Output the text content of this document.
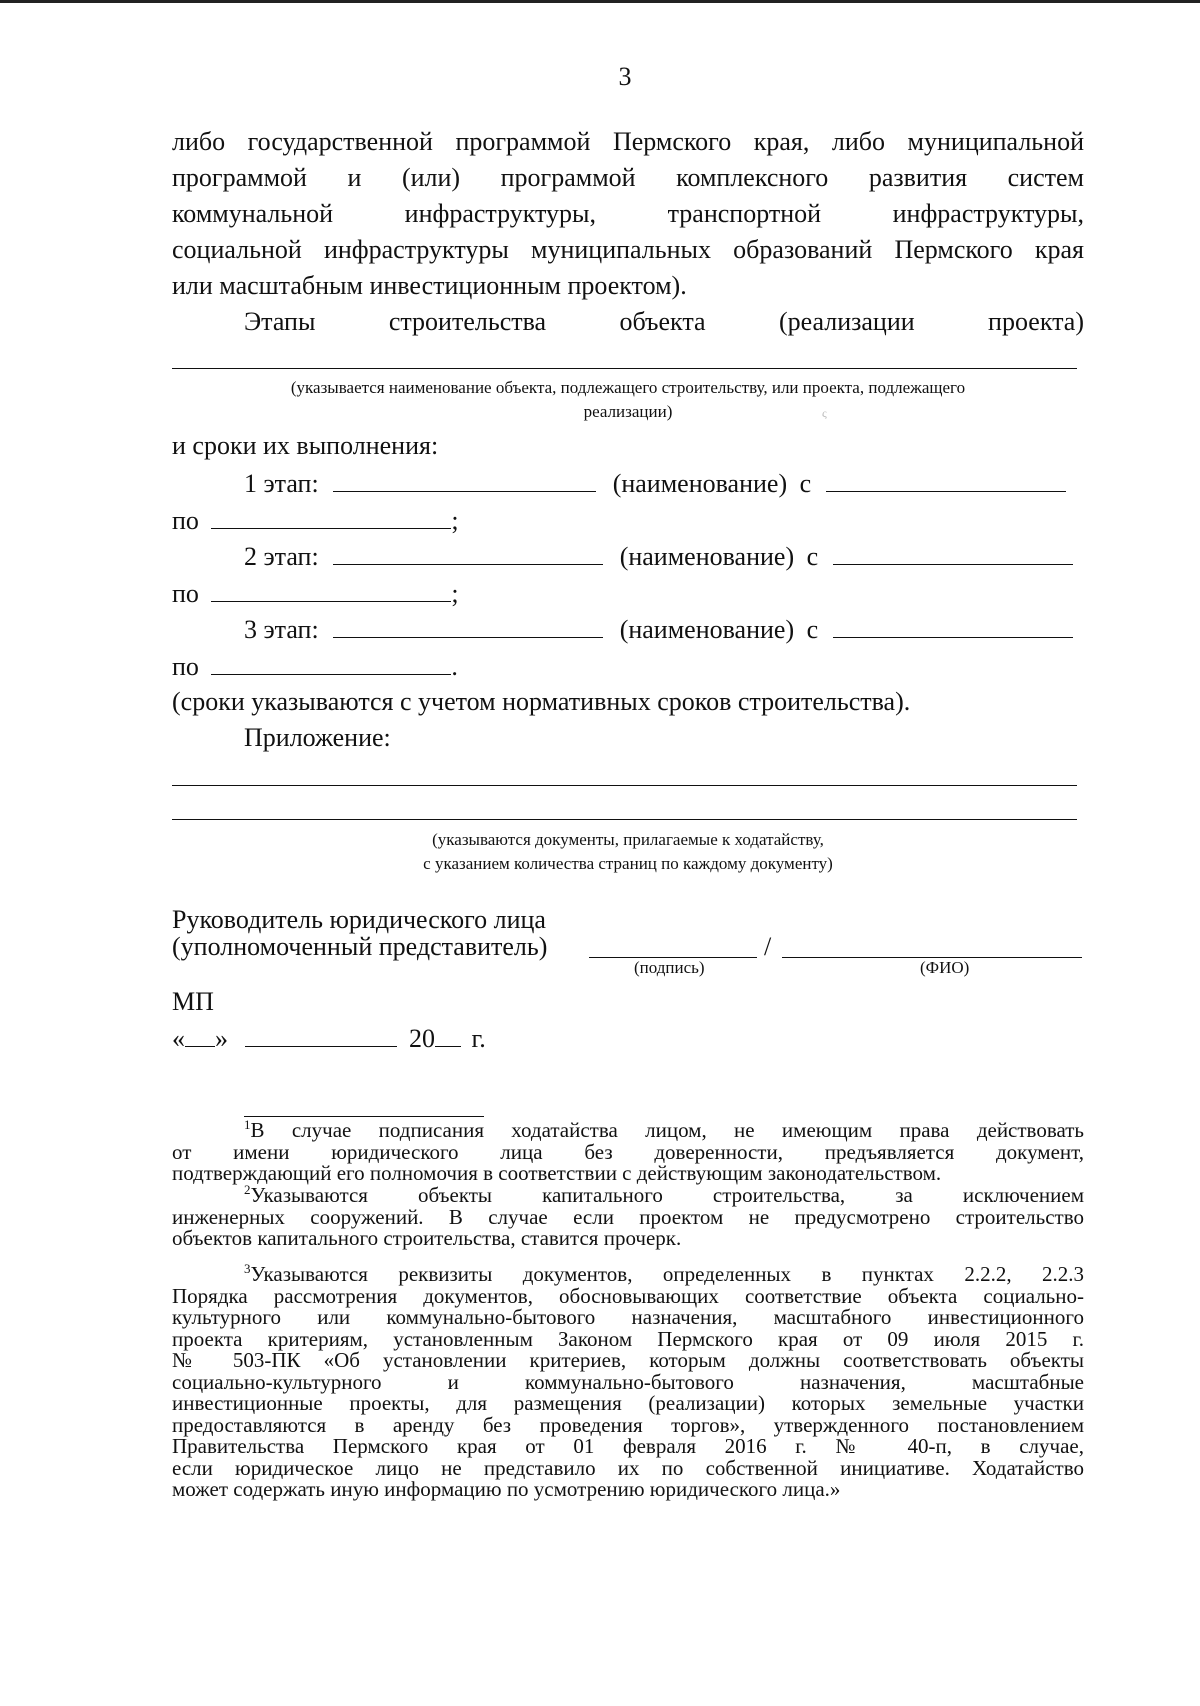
3
либо государственной программой Пермского края, либо муниципальной
программой и (или) программой комплексного развития систем
коммунальной инфраструктуры, транспортной инфраструктуры,
социальной инфраструктуры муниципальных образований Пермского края
или масштабным инвестиционным проектом).
Этапы строительства объекта (реализации проекта)
(указывается наименование объекта, подлежащего строительству, или проекта, подлежащего
реализации)	ς
и сроки их выполнения:
1 этап:	(наименование) с
по	;
2 этап:	(наименование) с
по	;
3 этап:	(наименование) с
по	.
(сроки указываются с учетом нормативных сроков строительства).
Приложение:
(указываются документы, прилагаемые к ходатайству,
с указанием количества страниц по каждому документу)
Руководитель юридического лица
(уполномоченный представитель)	/
(подпись)	(ФИО)
МП
« »	20 г.
$^1$В случае подписания ходатайства лицом, не имеющим права действовать
от имени юридического лица без доверенности, предъявляется документ,
подтверждающий его полномочия в соответствии с действующим законодательством.
$^2$Указываются объекты капитального строительства, за исключением
инженерных сооружений. В случае если проектом не предусмотрено строительство
объектов капитального строительства, ставится прочерк.
$^3$Указываются реквизиты документов, определенных в пунктах 2.2.2, 2.2.3
Порядка рассмотрения документов, обосновывающих соответствие объекта социально-
культурного или коммунально-бытового назначения, масштабного инвестиционного
проекта критериям, установленным Законом Пермского края от 09 июля 2015 г.
№ 503-ПК «Об установлении критериев, которым должны соответствовать объекты
социально-культурного и коммунально-бытового назначения, масштабные
инвестиционные проекты, для размещения (реализации) которых земельные участки
предоставляются в аренду без проведения торгов», утвержденного постановлением
Правительства Пермского края от 01 февраля 2016 г. № 40-п, в случае,
если юридическое лицо не представило их по собственной инициативе. Ходатайство
может содержать иную информацию по усмотрению юридического лица.»
